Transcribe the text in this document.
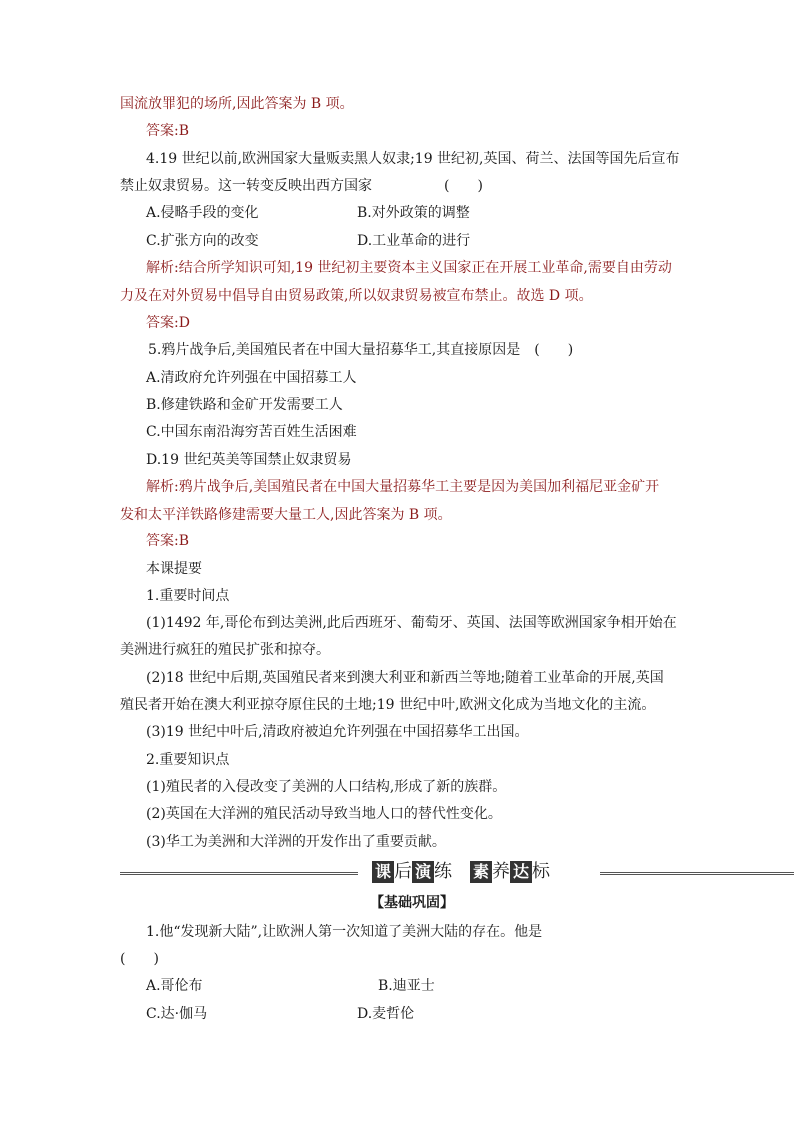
国流放罪犯的场所,因此答案为 B 项。
答案:B
4.19 世纪以前,欧洲国家大量贩卖黑人奴隶;19 世纪初,英国、荷兰、法国等国先后宣布
禁止奴隶贸易。这一转变反映出西方国家	(　　)
A.侵略手段的变化	B.对外政策的调整
C.扩张方向的改变	D.工业革命的进行
解析:结合所学知识可知,19 世纪初主要资本主义国家正在开展工业革命,需要自由劳动
力及在对外贸易中倡导自由贸易政策,所以奴隶贸易被宣布禁止。故选 D 项。
答案:D
5.鸦片战争后,美国殖民者在中国大量招募华工,其直接原因是　(　　)
A.清政府允许列强在中国招募工人
B.修建铁路和金矿开发需要工人
C.中国东南沿海穷苦百姓生活困难
D.19 世纪英美等国禁止奴隶贸易
解析:鸦片战争后,美国殖民者在中国大量招募华工主要是因为美国加利福尼亚金矿开
发和太平洋铁路修建需要大量工人,因此答案为 B 项。
答案:B
本课提要
1.重要时间点
(1)1492 年,哥伦布到达美洲,此后西班牙、葡萄牙、英国、法国等欧洲国家争相开始在
美洲进行疯狂的殖民扩张和掠夺。
(2)18 世纪中后期,英国殖民者来到澳大利亚和新西兰等地;随着工业革命的开展,英国
殖民者开始在澳大利亚掠夺原住民的土地;19 世纪中叶,欧洲文化成为当地文化的主流。
(3)19 世纪中叶后,清政府被迫允许列强在中国招募华工出国。
2.重要知识点
(1)殖民者的入侵改变了美洲的人口结构,形成了新的族群。
(2)英国在大洋洲的殖民活动导致当地人口的替代性变化。
(3)华工为美洲和大洋洲的开发作出了重要贡献。
课 后 演 练 素 养 达 标
【基础巩固】
1.他“发现新大陆”,让欧洲人第一次知道了美洲大陆的存在。他是
(　　)
A.哥伦布	B.迪亚士
C.达·伽马	D.麦哲伦
